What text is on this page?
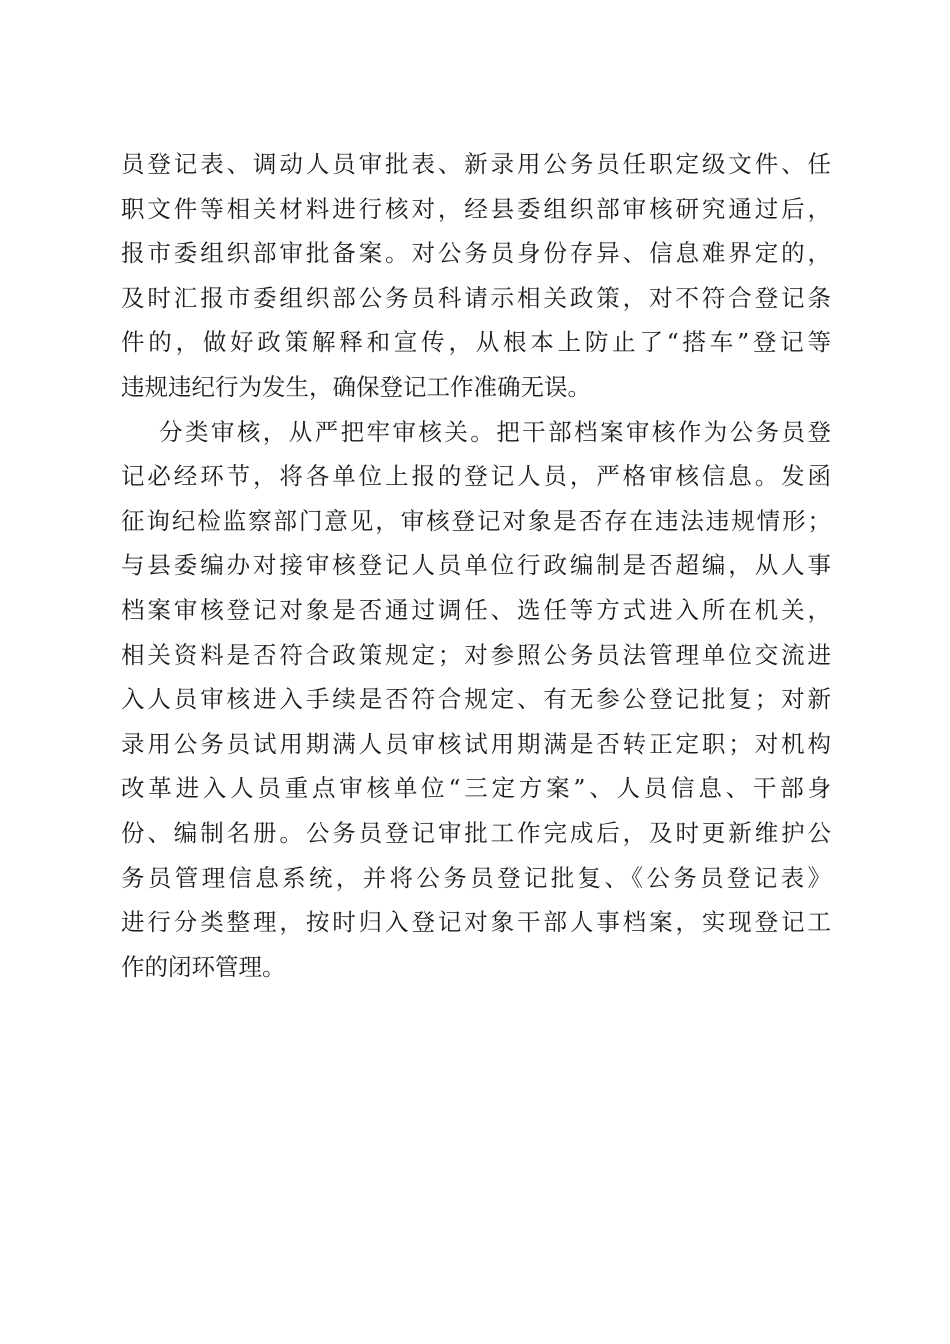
员登记表、调动人员审批表、新录用公务员任职定级文件、任
职文件等相关材料进行核对，经县委组织部审核研究通过后，
报市委组织部审批备案。对公务员身份存异、信息难界定的，
及时汇报市委组织部公务员科请示相关政策，对不符合登记条
件的，做好政策解释和宣传，从根本上防止了“搭车”登记等
违规违纪行为发生，确保登记工作准确无误。
分类审核，从严把牢审核关。把干部档案审核作为公务员登
记必经环节，将各单位上报的登记人员，严格审核信息。发函
征询纪检监察部门意见，审核登记对象是否存在违法违规情形；
与县委编办对接审核登记人员单位行政编制是否超编，从人事
档案审核登记对象是否通过调任、选任等方式进入所在机关，
相关资料是否符合政策规定；对参照公务员法管理单位交流进
入人员审核进入手续是否符合规定、有无参公登记批复；对新
录用公务员试用期满人员审核试用期满是否转正定职；对机构
改革进入人员重点审核单位“三定方案”、人员信息、干部身
份、编制名册。公务员登记审批工作完成后，及时更新维护公
务员管理信息系统，并将公务员登记批复、《公务员登记表》
进行分类整理，按时归入登记对象干部人事档案，实现登记工
作的闭环管理。
